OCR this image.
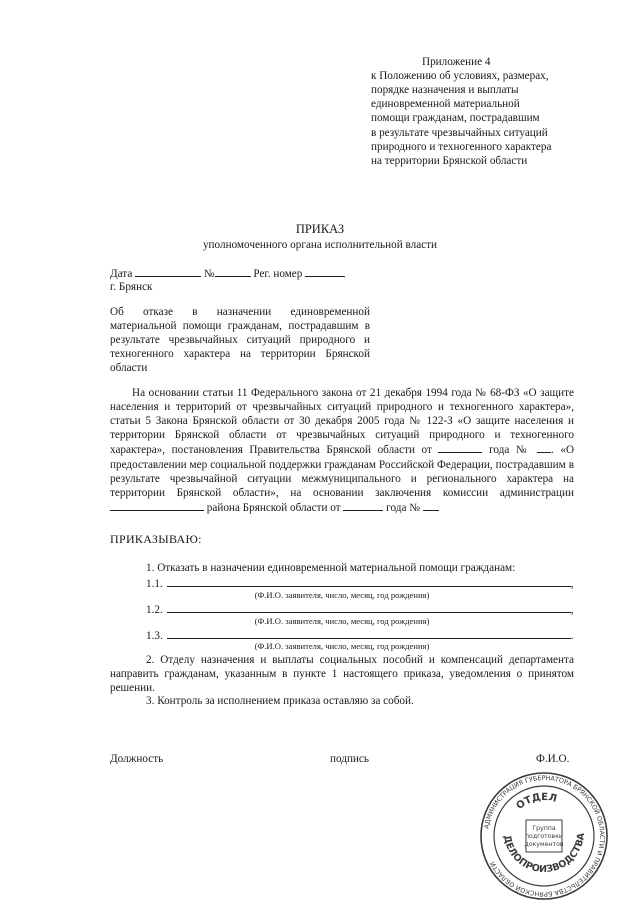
Приложение 4
к Положению об условиях, размерах,
порядке назначения и выплаты
единовременной материальной
помощи гражданам, пострадавшим
в результате чрезвычайных ситуаций
природного и техногенного характера
на территории Брянской области
ПРИКАЗ
уполномоченного органа исполнительной власти
Дата	№	Рег. номер
г. Брянск
Об отказе в назначении единовременной материальной помощи гражданам, пострадавшим в результате чрезвычайных ситуаций природного и техногенного характера на территории Брянской области

На основании статьи 11 Федерального закона от 21 декабря 1994 года № 68-ФЗ «О защите населения и территорий от чрезвычайных ситуаций природного и техногенного характера», статьи 5 Закона Брянской области от 30 декабря 2005 года № 122-З «О защите населения и территории Брянской области от чрезвычайных ситуаций природного и техногенного характера», постановления Правительства Брянской области от	года № . «О предоставлении мер социальной поддержки гражданам Российской Федерации, пострадавшим в результате чрезвычайной ситуации межмуниципального и регионального характера на территории Брянской области», на основании заключения комиссии администрации  района Брянской области от	года №

ПРИКАЗЫВАЮ:
1. Отказать в назначении единовременной материальной помощи гражданам:
1.1.	,
(Ф.И.О. заявителя, число, месяц, год рождения)
1.2.	,
(Ф.И.О. заявителя, число, месяц, год рождения)
1.3.	.
(Ф.И.О. заявителя, число, месяц, год рождения)

2. Отделу назначения и выплаты социальных пособий и компенсаций департамента направить гражданам, указанным в пункте 1 настоящего приказа, уведомления о принятом решении.

3. Контроль за исполнением приказа оставляю за собой.
Должность	подпись	Ф.И.О.
АДМИНИСТРАЦИЯ ГУБЕРНАТОРА БРЯНСКОЙ ОБЛАСТИ И ПРАВИТЕЛЬСТВА БРЯНСКОЙ ОБЛАСТИ
ОТДЕЛ
ДЕЛОПРОИЗВОДСТВА
Группа
подготовки
документов
